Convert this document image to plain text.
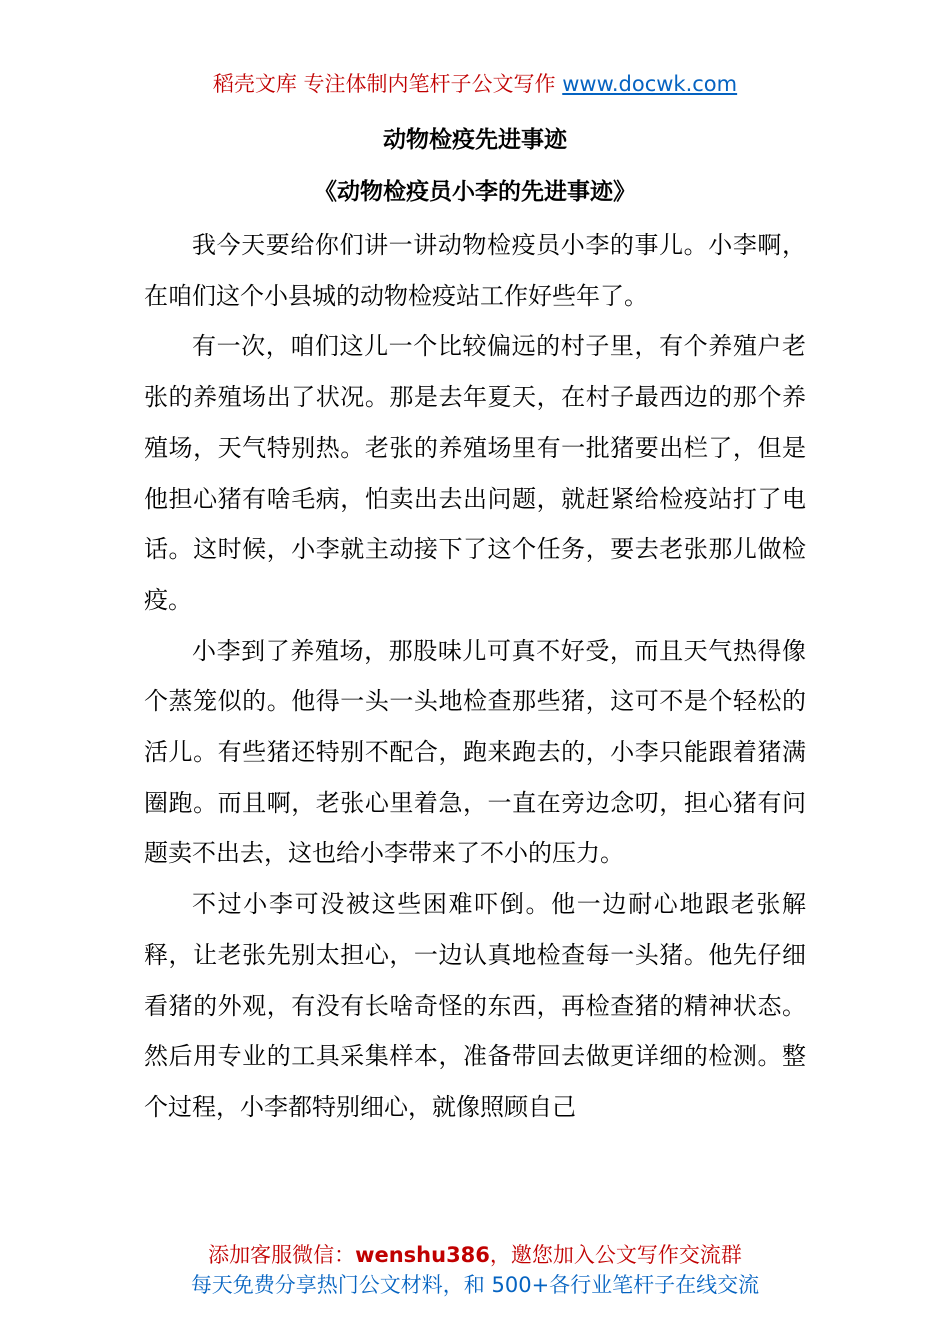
稻壳文库 专注体制内笔杆子公文写作 www.docwk.com
动物检疫先进事迹
《动物检疫员小李的先进事迹》

我今天要给你们讲一讲动物检疫员小李的事儿。小李啊，在咱们这个小县城的动物检疫站工作好些年了。

有一次，咱们这儿一个比较偏远的村子里，有个养殖户老张的养殖场出了状况。那是去年夏天，在村子最西边的那个养殖场，天气特别热。老张的养殖场里有一批猪要出栏了，但是他担心猪有啥毛病，怕卖出去出问题，就赶紧给检疫站打了电话。这时候，小李就主动接下了这个任务，要去老张那儿做检疫。

小李到了养殖场，那股味儿可真不好受，而且天气热得像个蒸笼似的。他得一头一头地检查那些猪，这可不是个轻松的活儿。有些猪还特别不配合，跑来跑去的，小李只能跟着猪满圈跑。而且啊，老张心里着急，一直在旁边念叨，担心猪有问题卖不出去，这也给小李带来了不小的压力。

不过小李可没被这些困难吓倒。他一边耐心地跟老张解释，让老张先别太担心，一边认真地检查每一头猪。他先仔细看猪的外观，有没有长啥奇怪的东西，再检查猪的精神状态。然后用专业的工具采集样本，准备带回去做更详细的检测。整个过程，小李都特别细心，就像照顾自己

添加客服微信：wenshu386，邀您加入公文写作交流群
每天免费分享热门公文材料，和 500+各行业笔杆子在线交流
